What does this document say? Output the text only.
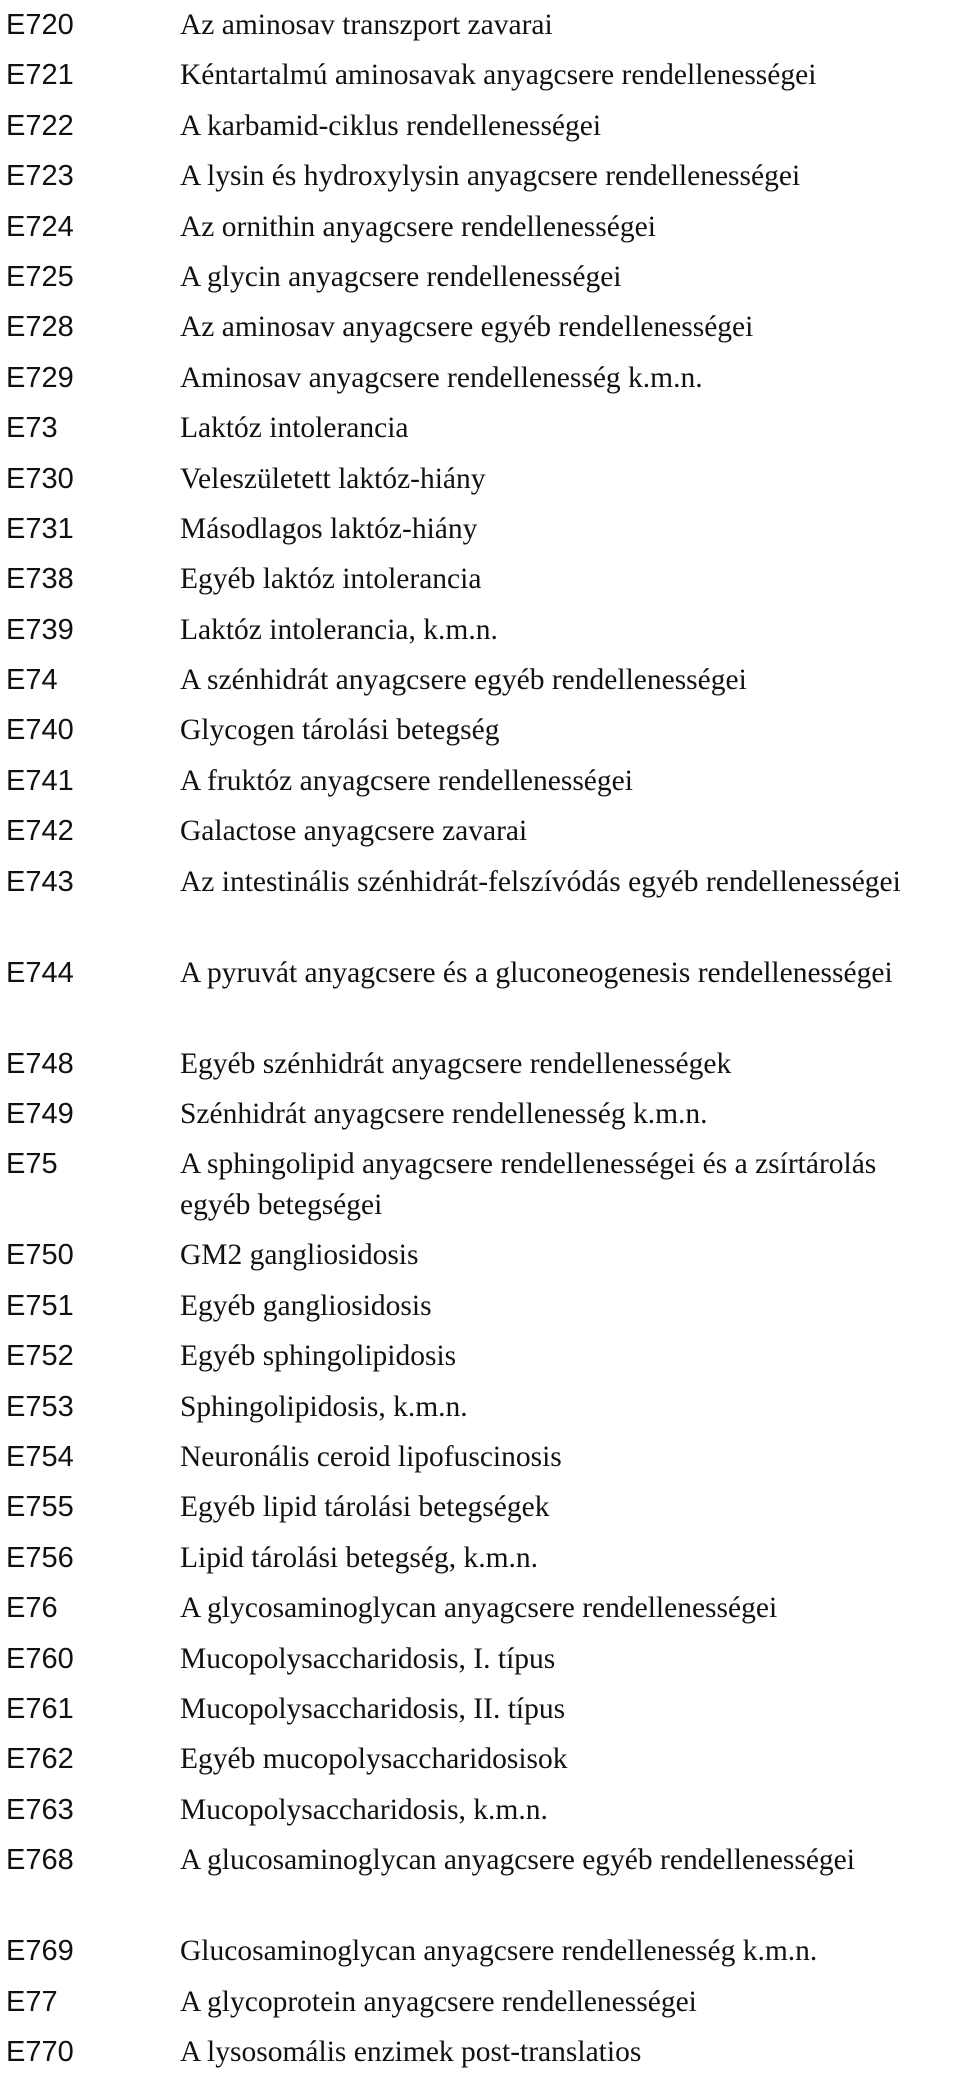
E720	Az aminosav transzport zavarai
E721	Kéntartalmú aminosavak anyagcsere rendellenességei
E722	A karbamid-ciklus rendellenességei
E723	A lysin és hydroxylysin anyagcsere rendellenességei
E724	Az ornithin anyagcsere rendellenességei
E725	A glycin anyagcsere rendellenességei
E728	Az aminosav anyagcsere egyéb rendellenességei
E729	Aminosav anyagcsere rendellenesség k.m.n.
E73	Laktóz intolerancia
E730	Veleszületett laktóz-hiány
E731	Másodlagos laktóz-hiány
E738	Egyéb laktóz intolerancia
E739	Laktóz intolerancia, k.m.n.
E74	A szénhidrát anyagcsere egyéb rendellenességei
E740	Glycogen tárolási betegség
E741	A fruktóz anyagcsere rendellenességei
E742	Galactose anyagcsere zavarai
E743	Az intestinális szénhidrát-felszívódás egyéb rendellenességei
E744	A pyruvát anyagcsere és a gluconeogenesis rendellenességei
E748	Egyéb szénhidrát anyagcsere rendellenességek
E749	Szénhidrát anyagcsere rendellenesség k.m.n.
E75	A sphingolipid anyagcsere rendellenességei és a zsírtárolás egyéb betegségei
E750	GM2 gangliosidosis
E751	Egyéb gangliosidosis
E752	Egyéb sphingolipidosis
E753	Sphingolipidosis, k.m.n.
E754	Neuronális ceroid lipofuscinosis
E755	Egyéb lipid tárolási betegségek
E756	Lipid tárolási betegség, k.m.n.
E76	A glycosaminoglycan anyagcsere rendellenességei
E760	Mucopolysaccharidosis, I. típus
E761	Mucopolysaccharidosis, II. típus
E762	Egyéb mucopolysaccharidosisok
E763	Mucopolysaccharidosis, k.m.n.
E768	A glucosaminoglycan anyagcsere egyéb rendellenességei
E769	Glucosaminoglycan anyagcsere rendellenesség k.m.n.
E77	A glycoprotein anyagcsere rendellenességei
E770	A lysosomális enzimek post-translatios
